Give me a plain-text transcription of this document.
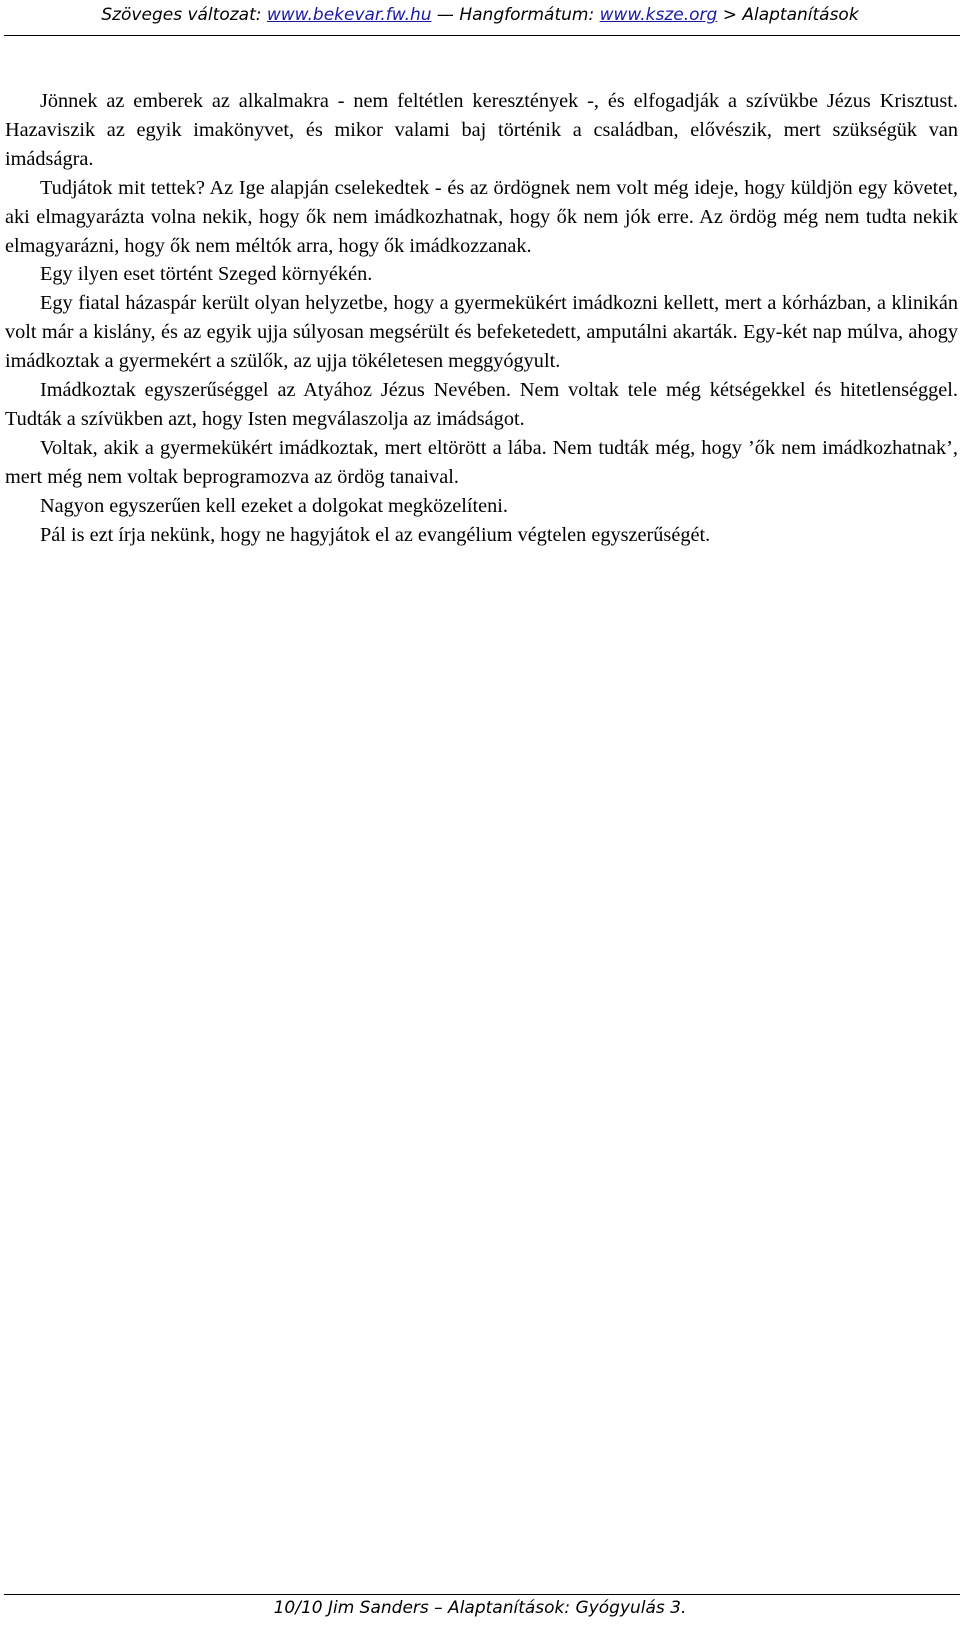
Szöveges változat: www.bekevar.fw.hu — Hangformátum: www.ksze.org > Alaptanítások

Jönnek az emberek az alkalmakra - nem feltétlen keresztények -, és elfogadják a szívükbe Jézus Krisztust. Hazaviszik az egyik imakönyvet, és mikor valami baj történik a családban, elővészik, mert szükségük van imádságra.

Tudjátok mit tettek? Az Ige alapján cselekedtek - és az ördögnek nem volt még ideje, hogy küldjön egy követet, aki elmagyarázta volna nekik, hogy ők nem imádkozhatnak, hogy ők nem jók erre. Az ördög még nem tudta nekik elmagyarázni, hogy ők nem méltók arra, hogy ők imádkozzanak.

Egy ilyen eset történt Szeged környékén.

Egy fiatal házaspár került olyan helyzetbe, hogy a gyermekükért imádkozni kellett, mert a kórházban, a klinikán volt már a kislány, és az egyik ujja súlyosan megsérült és befeketedett, amputálni akarták. Egy-két nap múlva, ahogy imádkoztak a gyermekért a szülők, az ujja tökéletesen meggyógyult.

Imádkoztak egyszerűséggel az Atyához Jézus Nevében. Nem voltak tele még kétségekkel és hitetlenséggel. Tudták a szívükben azt, hogy Isten megválaszolja az imádságot.

Voltak, akik a gyermekükért imádkoztak, mert eltörött a lába. Nem tudták még, hogy ’ők nem imádkozhatnak’, mert még nem voltak beprogramozva az ördög tanaival.

Nagyon egyszerűen kell ezeket a dolgokat megközelíteni.

Pál is ezt írja nekünk, hogy ne hagyjátok el az evangélium végtelen egyszerűségét.

10/10 Jim Sanders – Alaptanítások: Gyógyulás 3.
